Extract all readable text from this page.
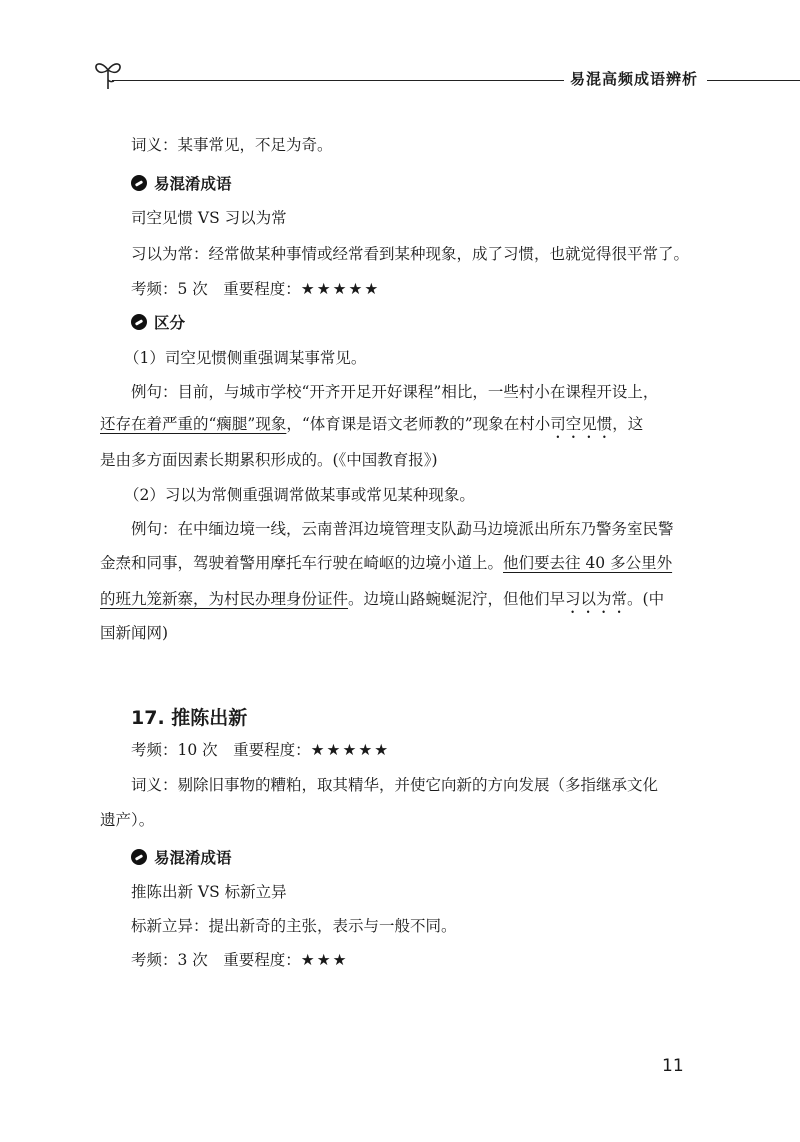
易混高频成语辨析
词义：某事常见，不足为奇。
易混淆成语
司空见惯 VS 习以为常
习以为常：经常做某种事情或经常看到某种现象，成了习惯，也就觉得很平常了。
考频：5 次　重要程度：★★★★★
区分
（1）司空见惯侧重强调某事常见。
例句：目前，与城市学校“开齐开足开好课程”相比，一些村小在课程开设上，
还存在着严重的“瘸腿”现象，“体育课是语文老师教的”现象在村小司空见惯，这
是由多方面因素长期累积形成的。(《中国教育报》)
（2）习以为常侧重强调常做某事或常见某种现象。
例句：在中缅边境一线，云南普洱边境管理支队勐马边境派出所东乃警务室民警
金焘和同事，驾驶着警用摩托车行驶在崎岖的边境小道上。他们要去往 40 多公里外
的班九笼新寨，为村民办理身份证件。边境山路蜿蜒泥泞，但他们早习以为常。(中
国新闻网)
17. 推陈出新
考频：10 次　重要程度：★★★★★
词义：剔除旧事物的糟粕，取其精华，并使它向新的方向发展（多指继承文化
遗产）。
易混淆成语
推陈出新 VS 标新立异
标新立异：提出新奇的主张，表示与一般不同。
考频：3 次　重要程度：★★★
11
